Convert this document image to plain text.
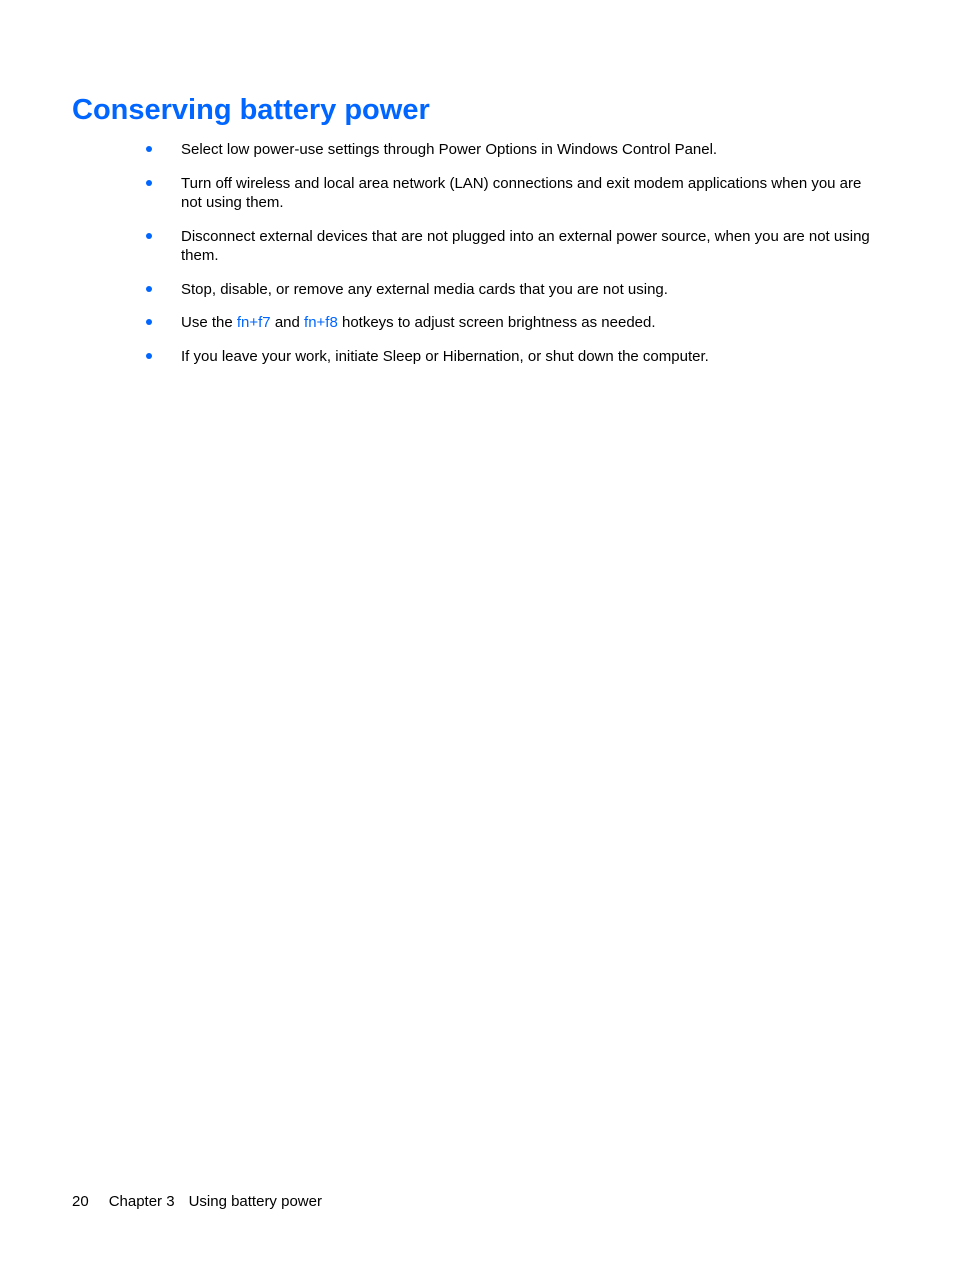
Conserving battery power
Select low power-use settings through Power Options in Windows Control Panel.
Turn off wireless and local area network (LAN) connections and exit modem applications when you are not using them.
Disconnect external devices that are not plugged into an external power source, when you are not using them.
Stop, disable, or remove any external media cards that you are not using.
Use the fn+f7 and fn+f8 hotkeys to adjust screen brightness as needed.
If you leave your work, initiate Sleep or Hibernation, or shut down the computer.
20 Chapter 3 Using battery power
